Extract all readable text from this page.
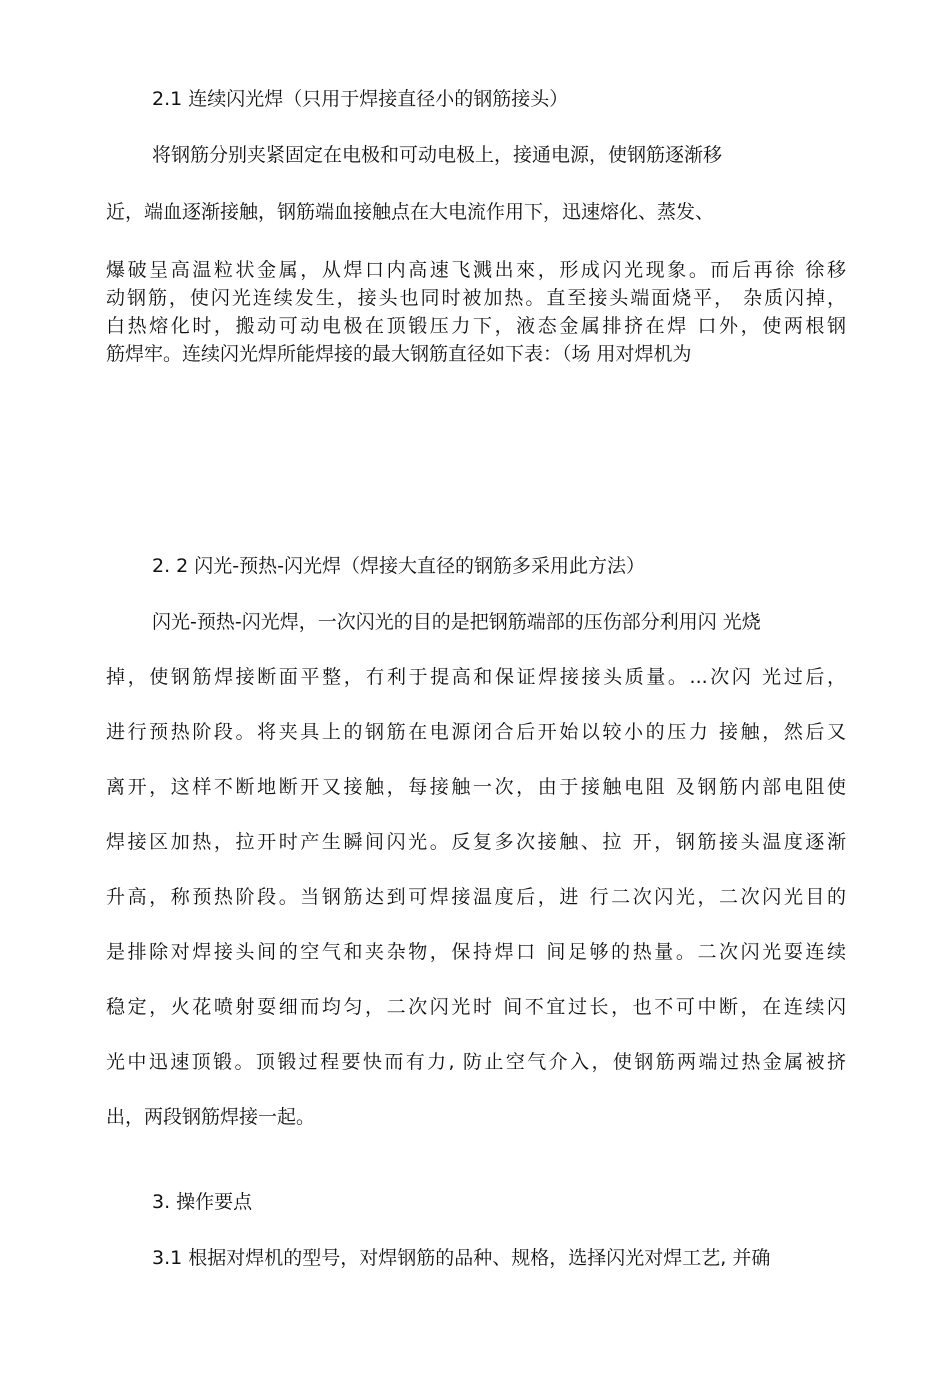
2.1 连续闪光焊（只用于焊接直径小的钢筋接头）
将钢筋分别夹紧固定在电极和可动电极上，接通电源，使钢筋逐渐移
近，端血逐渐接触，钢筋端血接触点在大电流作用下，迅速熔化、蒸发、
爆破呈高温粒状金属，从焊口内高速飞溅出來，形成闪光现象。而后再徐 徐移
动钢筋，使闪光连续发生，接头也同时被加热。直至接头端面烧平， 杂质闪掉，
白热熔化时，搬动可动电极在顶锻压力下，液态金属排挤在焊 口外，使两根钢
筋焊牢。连续闪光焊所能焊接的最大钢筋直径如下表：（场 用对焊机为
2. 2 闪光-预热-闪光焊（焊接大直径的钢筋多采用此方法）
闪光-预热-闪光焊，一次闪光的目的是把钢筋端部的压伤部分利用闪 光烧
掉，使钢筋焊接断面平整，冇利于提高和保证焊接接头质量。...次闪 光过后，
进行预热阶段。将夹具上的钢筋在电源闭合后开始以较小的压力 接触，然后又
离开，这样不断地断开又接触，每接触一次，由于接触电阻 及钢筋内部电阻使
焊接区加热，拉开时产生瞬间闪光。反复多次接触、拉 开，钢筋接头温度逐渐
升高，称预热阶段。当钢筋达到可焊接温度后，进 行二次闪光，二次闪光目的
是排除对焊接头间的空气和夹杂物，保持焊口 间足够的热量。二次闪光耍连续
稳定，火花喷射耍细而均匀，二次闪光时 间不宜过长，也不可中断，在连续闪
光中迅速顶锻。顶锻过程要快而有力, 防止空气介入，使钢筋两端过热金属被挤
出，两段钢筋焊接一起。
3. 操作要点
3.1 根据对焊机的型号，对焊钢筋的品种、规格，选择闪光对焊工艺, 并确
